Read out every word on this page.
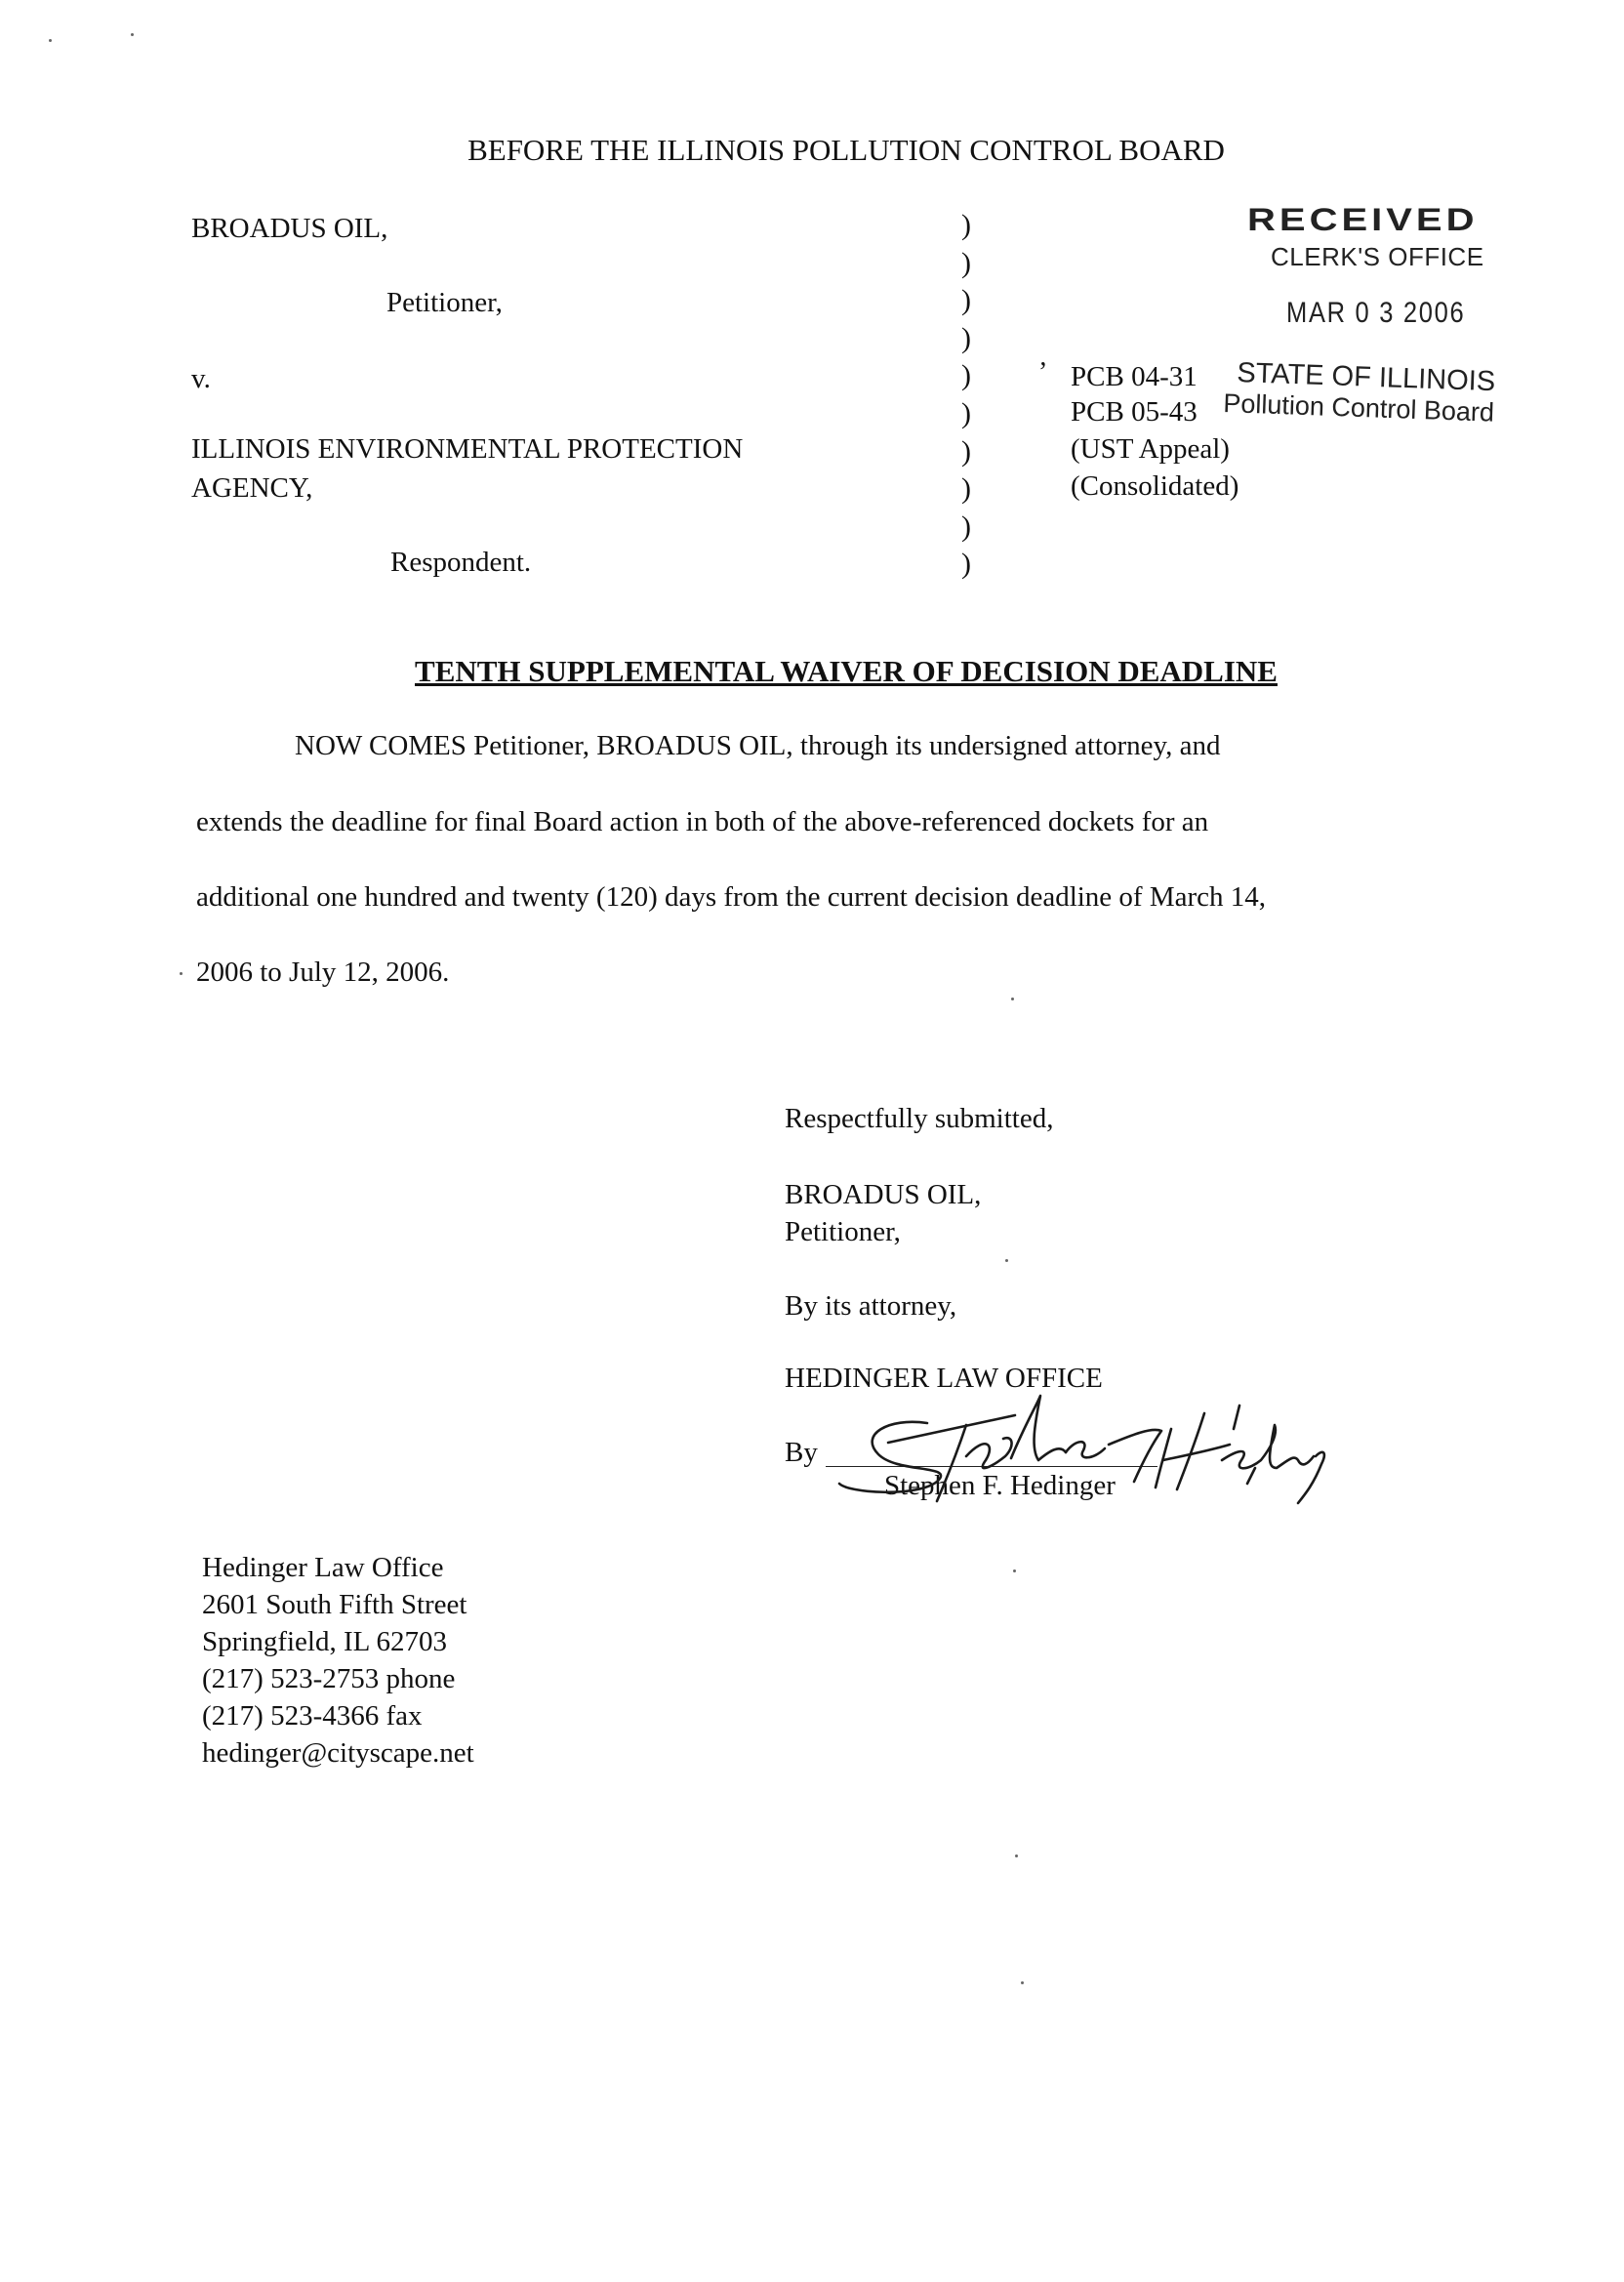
BEFORE THE ILLINOIS POLLUTION CONTROL BOARD
BROADUS OIL,
Petitioner,
v.
ILLINOIS ENVIRONMENTAL PROTECTION
AGENCY,
Respondent.
)
)
)
)
)
)
)
)
)
)
’ PCB 04-31
PCB 05-43
(UST Appeal)
(Consolidated)
RECEIVED
CLERK'S OFFICE
MAR 0 3 2006
STATE OF ILLINOIS
Pollution Control Board
TENTH SUPPLEMENTAL WAIVER OF DECISION DEADLINE
NOW COMES Petitioner, BROADUS OIL, through its undersigned attorney, and
extends the deadline for final Board action in both of the above-referenced dockets for an
additional one hundred and twenty (120) days from the current decision deadline of March 14,
2006 to July 12, 2006.
Respectfully submitted,
BROADUS OIL,
Petitioner,
By its attorney,
HEDINGER LAW OFFICE
By
Stephen F. Hedinger
Hedinger Law Office
2601 South Fifth Street
Springfield, IL 62703
(217) 523-2753 phone
(217) 523-4366 fax
hedinger@cityscape.net
